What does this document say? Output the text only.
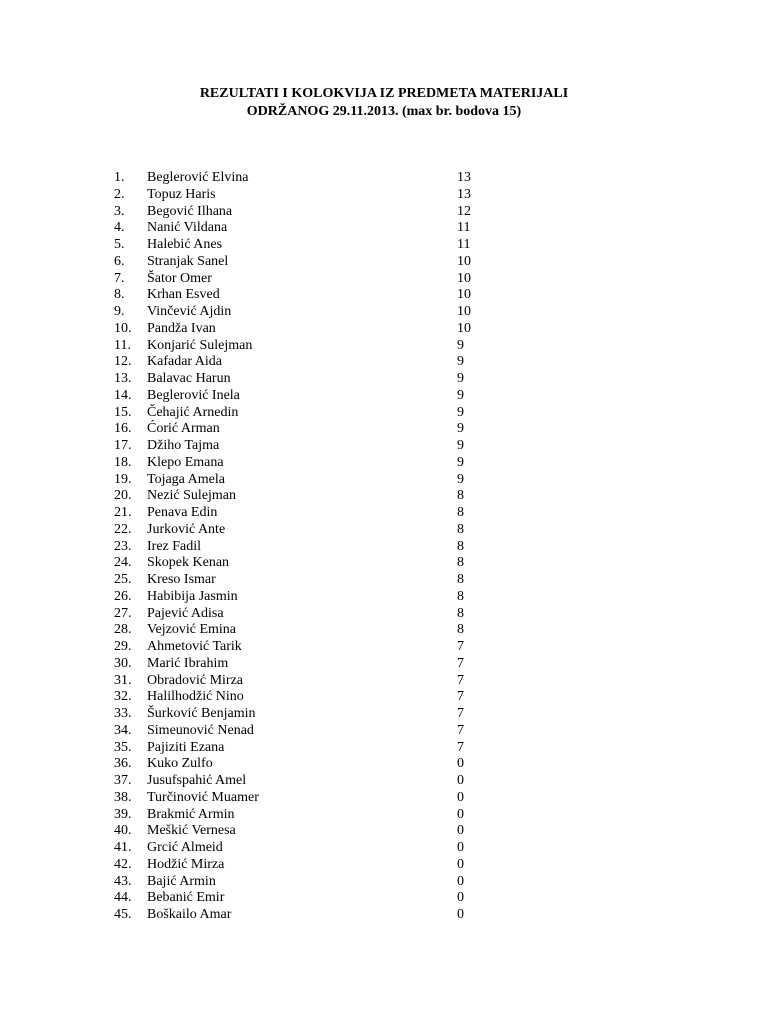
REZULTATI I KOLOKVIJA IZ PREDMETA MATERIJALI
ODRŽANOG 29.11.2013. (max br. bodova 15)
1. Beglerović Elvina	13
2. Topuz Haris	13
3. Begović Ilhana	12
4. Nanić Vildana	11
5. Halebić Anes	11
6. Stranjak Sanel	10
7. Šator Omer	10
8. Krhan Esved	10
9. Vinčević Ajdin	10
10. Pandža Ivan	10
11. Konjarić Sulejman	9
12. Kafadar Aida	9
13. Balavac Harun	9
14. Beglerović Inela	9
15. Čehajić Arnedin	9
16. Ćorić Arman	9
17. Džiho Tajma	9
18. Klepo Emana	9
19. Tojaga Amela	9
20. Nezić Sulejman	8
21. Penava Edin	8
22. Jurković Ante	8
23. Irez Fadil	8
24. Skopek Kenan	8
25. Kreso Ismar	8
26. Habibija Jasmin	8
27. Pajević Adisa	8
28. Vejzović Emina	8
29. Ahmetović Tarik	7
30. Marić Ibrahim	7
31. Obradović Mirza	7
32. Halilhodžić Nino	7
33. Šurković Benjamin	7
34. Simeunović Nenad	7
35. Pajiziti Ezana	7
36. Kuko Zulfo	0
37. Jusufspahić Amel	0
38. Turčinović Muamer	0
39. Brakmić Armin	0
40. Meškić Vernesa	0
41. Grcić Almeid	0
42. Hodžić Mirza	0
43. Bajić Armin	0
44. Bebanić Emir	0
45. Boškailo Amar	0
